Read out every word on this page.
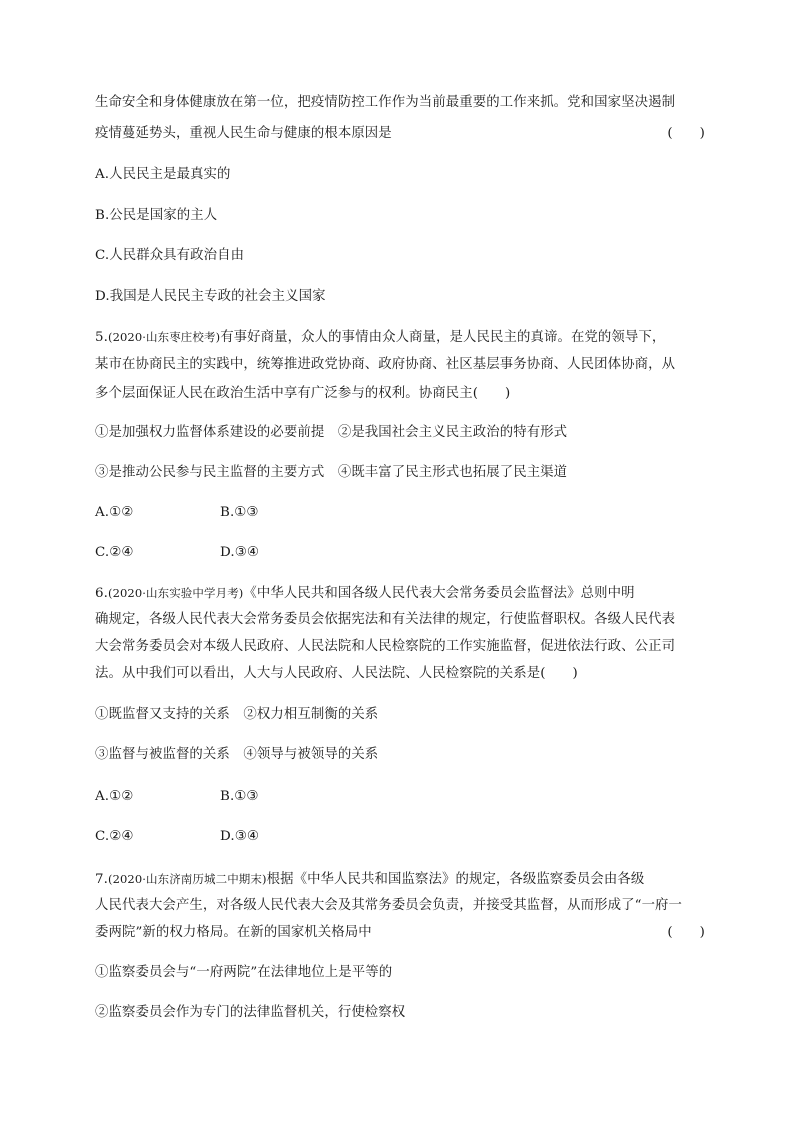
生命安全和身体健康放在第一位，把疫情防控工作作为当前最重要的工作来抓。党和国家坚决遏制
疫情蔓延势头，重视人民生命与健康的根本原因是	(　　)
A.人民民主是最真实的
B.公民是国家的主人
C.人民群众具有政治自由
D.我国是人民民主专政的社会主义国家
5.(2020·山东枣庄校考)有事好商量，众人的事情由众人商量，是人民民主的真谛。在党的领导下，
某市在协商民主的实践中，统筹推进政党协商、政府协商、社区基层事务协商、人民团体协商，从
多个层面保证人民在政治生活中享有广泛参与的权利。协商民主(　　)
①是加强权力监督体系建设的必要前提　②是我国社会主义民主政治的特有形式
③是推动公民参与民主监督的主要方式　④既丰富了民主形式也拓展了民主渠道
A.①②	B.①③
C.②④	D.③④
6.(2020·山东实验中学月考)《中华人民共和国各级人民代表大会常务委员会监督法》总则中明
确规定，各级人民代表大会常务委员会依据宪法和有关法律的规定，行使监督职权。各级人民代表
大会常务委员会对本级人民政府、人民法院和人民检察院的工作实施监督，促进依法行政、公正司
法。从中我们可以看出，人大与人民政府、人民法院、人民检察院的关系是(　　)
①既监督又支持的关系　②权力相互制衡的关系
③监督与被监督的关系　④领导与被领导的关系
A.①②	B.①③
C.②④	D.③④
7.(2020·山东济南历城二中期末)根据《中华人民共和国监察法》的规定，各级监察委员会由各级
人民代表大会产生，对各级人民代表大会及其常务委员会负责，并接受其监督，从而形成了“一府一
委两院”新的权力格局。在新的国家机关格局中	(　　)
①监察委员会与“一府两院”在法律地位上是平等的
②监察委员会作为专门的法律监督机关，行使检察权
